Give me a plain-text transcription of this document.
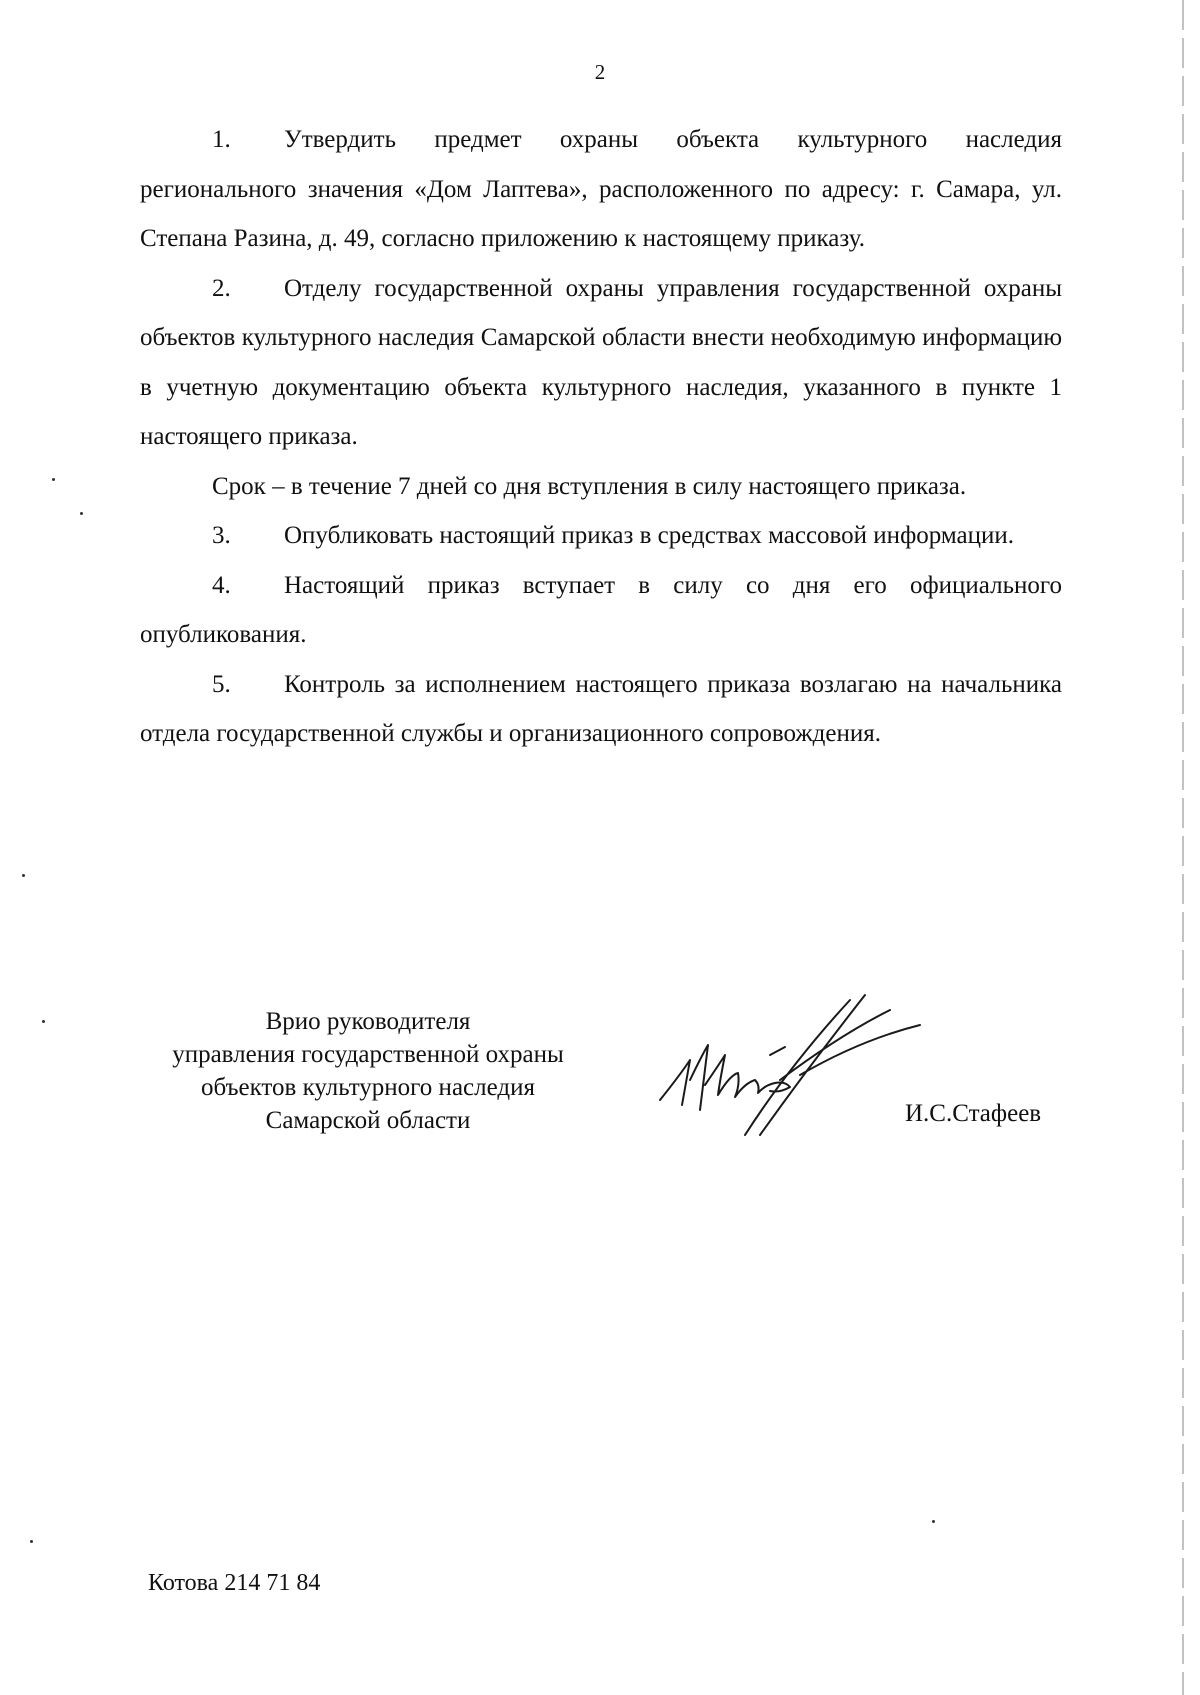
2

1. Утвердить предмет охраны объекта культурного наследия регионального значения «Дом Лаптева», расположенного по адресу: г. Самара, ул. Степана Разина, д. 49, согласно приложению к настоящему приказу.

2. Отделу государственной охраны управления государственной охраны объектов культурного наследия Самарской области внести необходимую информацию в учетную документацию объекта культурного наследия, указанного в пункте 1 настоящего приказа.

Срок – в течение 7 дней со дня вступления в силу настоящего приказа.

3. Опубликовать настоящий приказ в средствах массовой информации.

4. Настоящий приказ вступает в силу со дня его официального опубликования.

5. Контроль за исполнением настоящего приказа возлагаю на начальника отдела государственной службы и организационного сопровождения.

Врио руководителя
управления государственной охраны
объектов культурного наследия
Самарской области	И.С.Стафеев
Котова 214 71 84
